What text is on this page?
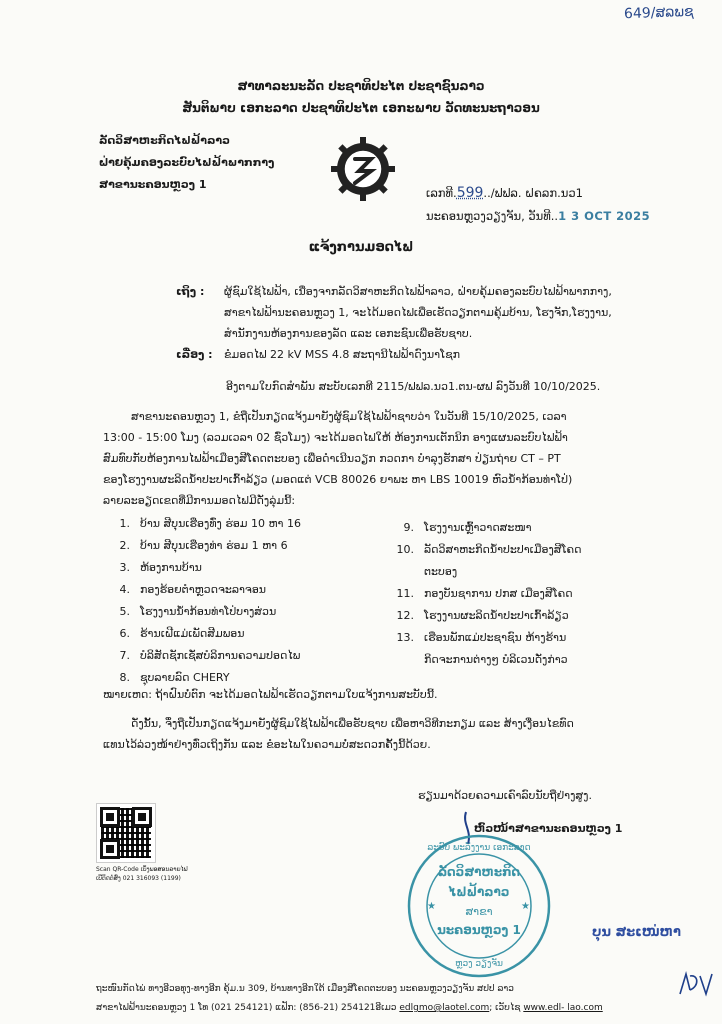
649/ສລພຊ
ສາທາລະນະລັດ ປະຊາທິປະໄຕ ປະຊາຊົນລາວ
ສັນຕິພາບ ເອກະລາດ ປະຊາທິປະໄຕ ເອກະພາບ ວັດທະນະຖາວອນ
ລັດວິສາຫະກິດໄຟຟ້າລາວ
ຝ່າຍຄຸ້ມຄອງລະບົບໄຟຟ້າພາກກາງ
ສາຂານະຄອນຫຼວງ 1
ເລກທີ.599../ຟຟລ. ຝຄລກ.ນວ1
ນະຄອນຫຼວງວຽງຈັນ, ວັນທີ..1 3 OCT 2025
ແຈ້ງການມອດໄຟ
ເຖິງ : ຜູ້ຊົມໃຊ້ໄຟຟ້າ, ເນື່ອງຈາກລັດວິສາຫະກິດໄຟຟ້າລາວ, ຝ່າຍຄຸ້ມຄອງລະບົບໄຟຟ້າພາກກາງ,
ສາຂາໄຟຟ້ານະຄອນຫຼວງ 1, ຈະໄດ້ມອດໄຟເພື່ອເຮັດວຽກຕາມຄຸ້ມບ້ານ, ໂຮງຈັກ,ໂຮງງານ,
ສຳນັກງານຫ້ອງການຂອງລັດ ແລະ ເອກະຊົນເພື່ອຮັບຊາບ.
ເລື່ອງ : ຂໍມອດໄຟ 22 kV MSS 4.8 ສະຖານີໄຟຟ້າດົງນາໂຊກ
ອີງຕາມໃບກົດສຳພັນ ສະບັບເລກທີ 2115/ຟຟລ.ນວ1.ຕນ-ຜຟ ລົງວັນທີ 10/10/2025.
ສາຂານະຄອນຫຼວງ 1, ຂໍຖືເປັນກຽດແຈ້ງມາຍັງຜູ້ຊົມໃຊ້ໄຟຟ້າຊາບວ່າ ໃນວັນທີ 15/10/2025, ເວລາ
13:00 - 15:00 ໂມງ (ລວມເວລາ 02 ຊົ່ວໂມງ) ຈະໄດ້ມອດໄຟໃຫ້ ຫ້ອງການເຕັກນິກ ອາງແຜນລະບົບໄຟຟ້າ
ສົມທົບກັບຫ້ອງການໄຟຟ້າເມືອງສີໂຄດຕະບອງ ເພື່ອດຳເນີນວຽກ ກວດກາ ບຳລຸງຮັກສາ ປ່ຽນຖ່າຍ CT – PT
ຂອງໂຮງງານຜະລິດນ້ຳປະປາເກົ້າລ້ຽວ (ມອດແຕ່ VCB 80026 ຍາພະ ຫາ LBS 10019 ຫົວນ້ຳກ້ອນທ່າໂປ່)
ລາຍລະອຽດເຂດທີ່ມີການມອດໄຟມີດັ່ງລຸ່ມນີ້:
1. ບ້ານ ສີບຸນເຮືອງທົ່ງ ຮ່ອມ 10 ຫາ 16
2. ບ້ານ ສີບຸນເຮືອງທ່າ ຮ່ອມ 1 ຫາ 6
3. ຫ້ອງການບ້ານ
4. ກອງຮ້ອຍຕຳຫຼວດຈະລາຈອນ
5. ໂຮງງານນ້ຳກ້ອນທ່າໂປ່ບາງສ່ວນ
6. ຮ້ານເຝີແມ່ເພັດສີມພອນ
7. ບໍລິສັດຊັກເຊັ່ສບໍລິການຄວາມປອດໄພ
8. ຊຸບລາຍລົດ CHERY
9. ໂຮງງານເຫຼົ້າວາດສະໜາ
10. ລັດວິສາຫະກິດນ້ຳປະປາເມືອງສີໂຄດ
ຕະບອງ
11. ກອງບັນຊາການ ປກສ ເມືອງສີໂຄດ
12. ໂຮງງານຜະລິດນ້ຳປະປາເກົ້າລ້ຽວ
13. ເຮືອນພັກແມ່ປະຊາຊົນ ຫ້າງຮ້ານ
ກິດຈະການຕ່າງໆ ບໍລິເວນດັ່ງກ່າວ
ໝາຍເຫດ: ຖ້າຝົນບໍ່ຕົກ ຈະໄດ້ມອດໄຟຟ້າເຮັດວຽກຕາມໃບແຈ້ງການສະບັບນີ້.
ດັ່ງນັ້ນ, ຈຶ່ງຖືເປັນກຽດແຈ້ງມາຍັງຜູ້ຊົມໃຊ້ໄຟຟ້າເພື່ອຮັບຊາບ ເພື່ອຫາວິທີກະກຽມ ແລະ ສ້າງເງື່ອນໄຂທົດ
ແທນໄວ້ລ່ວງໜ້າຢ່າງທົ່ວເຖິງກັນ ແລະ ຂໍອະໄພໃນຄວາມບໍ່ສະດວກຄັ້ງນີ້ດ້ວຍ.
ຮຽນມາດ້ວຍຄວາມເຄົາລົບນັບຖືຢ່າງສູງ.
ຫົວໜ້າສາຂານະຄອນຫຼວງ 1
★	★
ລະບົບ ພະລັງງານ ເອກະລາດ
ລັດວິສາຫະກິດ
ໄຟຟ້າລາວ
ສາຂາ
ນະຄອນຫຼວງ 1
ຫຼວງ ວຽງຈັນ
ບຸນ ສະເໜ່ຫາ
Scan QR-Code ເບິ່ງພອສອນລາຍໄຟ
ເບີຕິດຕໍ່ສົ່ງ 021 316093 (1199)
ຖະໜົນກັດໄພ່ ທາງອີວອທຸງ-ທາງອີກ ຄຸ້ມ.ນ 309, ບ້ານທາງອີກໃຕ້ ເມືອງສີໂຄດຕະບອງ ນະຄອນຫຼວງວຽງຈັນ ສປປ ລາວ
ສາຂາໄຟຟ້ານະຄອນຫຼວງ 1 ໂທ (021 254121) ແຟັກ: (856-21) 254121ອີເມວ edlgmo@laotel.com; ເວັບໄຊ www.edl- lao.com
